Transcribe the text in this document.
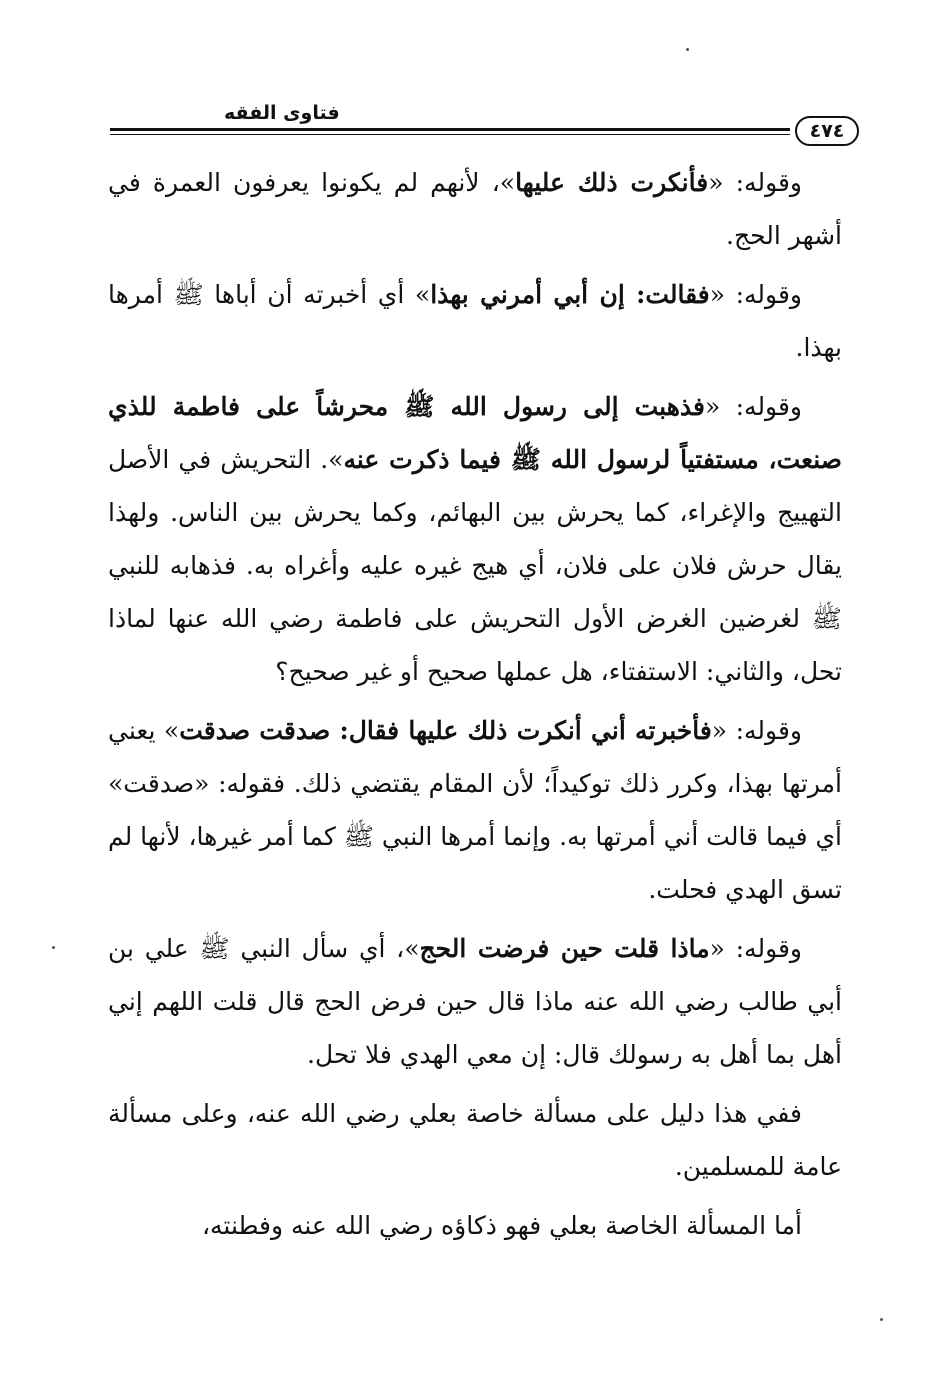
فتاوى الفقه
٤٧٤

وقوله: «فأنكرت ذلك عليها»، لأنهم لم يكونوا يعرفون العمرة في أشهر الحج.

وقوله: «فقالت: إن أبي أمرني بهذا» أي أخبرته أن أباها ﷺ أمرها بهذا.

وقوله: «فذهبت إلى رسول الله ﷺ محرشاً على فاطمة للذي صنعت، مستفتياً لرسول الله ﷺ فيما ذكرت عنه». التحريش في الأصل التهييج والإغراء، كما يحرش بين البهائم، وكما يحرش بين الناس. ولهذا يقال حرش فلان على فلان، أي هيج غيره عليه وأغراه به. فذهابه للنبي ﷺ لغرضين الغرض الأول التحريش على فاطمة رضي الله عنها لماذا تحل، والثاني: الاستفتاء، هل عملها صحيح أو غير صحيح؟

وقوله: «فأخبرته أني أنكرت ذلك عليها فقال: صدقت صدقت» يعني أمرتها بهذا، وكرر ذلك توكيداً؛ لأن المقام يقتضي ذلك. فقوله: «صدقت» أي فيما قالت أني أمرتها به. وإنما أمرها النبي ﷺ كما أمر غيرها، لأنها لم تسق الهدي فحلت.

وقوله: «ماذا قلت حين فرضت الحج»، أي سأل النبي ﷺ علي بن أبي طالب رضي الله عنه ماذا قال حين فرض الحج قال قلت اللهم إني أهل بما أهل به رسولك قال: إن معي الهدي فلا تحل.

ففي هذا دليل على مسألة خاصة بعلي رضي الله عنه، وعلى مسألة عامة للمسلمين.

أما المسألة الخاصة بعلي فهو ذكاؤه رضي الله عنه وفطنته،
